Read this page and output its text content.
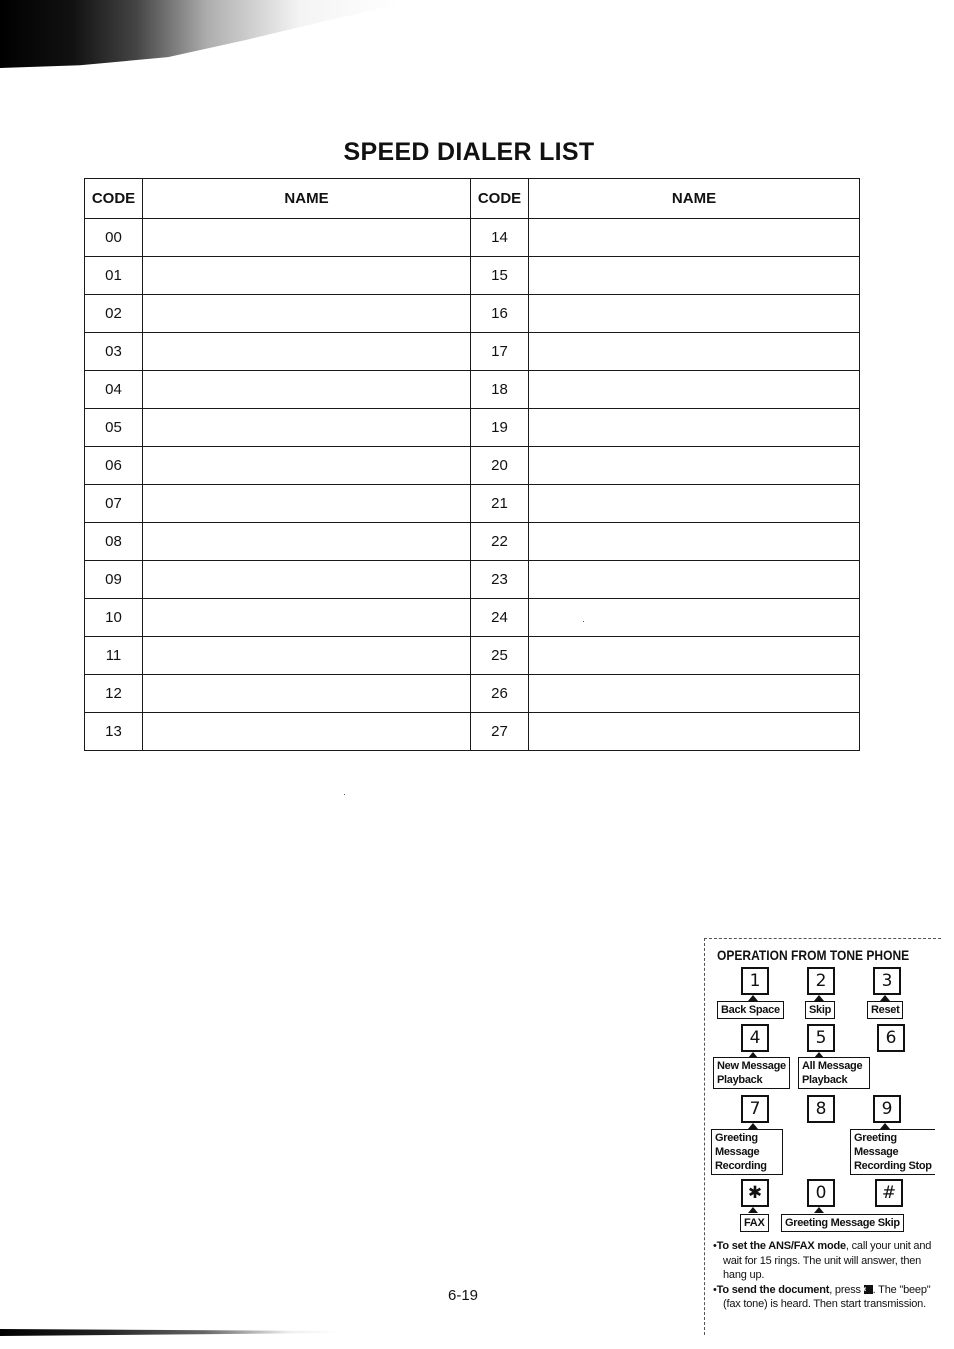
SPEED DIALER LIST
CODE	NAME	CODE	NAME
00		14	
01		15	
02		16	
03		17	
04		18	
05		19	
06		20	
07		21	
08		22	
09		23	
10		24	
11		25	
12		26	
13		27	
OPERATION FROM TONE PHONE
1	2	3
Back Space	Skip	Reset
4	5	6
New Message
Playback
All Message
Playback
7	8	9
Greeting
Message
Recording
Greeting
Message
Recording Stop
✱	0	#
FAX	Greeting Message Skip

•To set the ANS/FAX mode, call your unit and wait for 15 rings. The unit will answer, then hang up.

•To send the document, press ✱ . The "beep" (fax tone) is heard. Then start transmission.

6-19
